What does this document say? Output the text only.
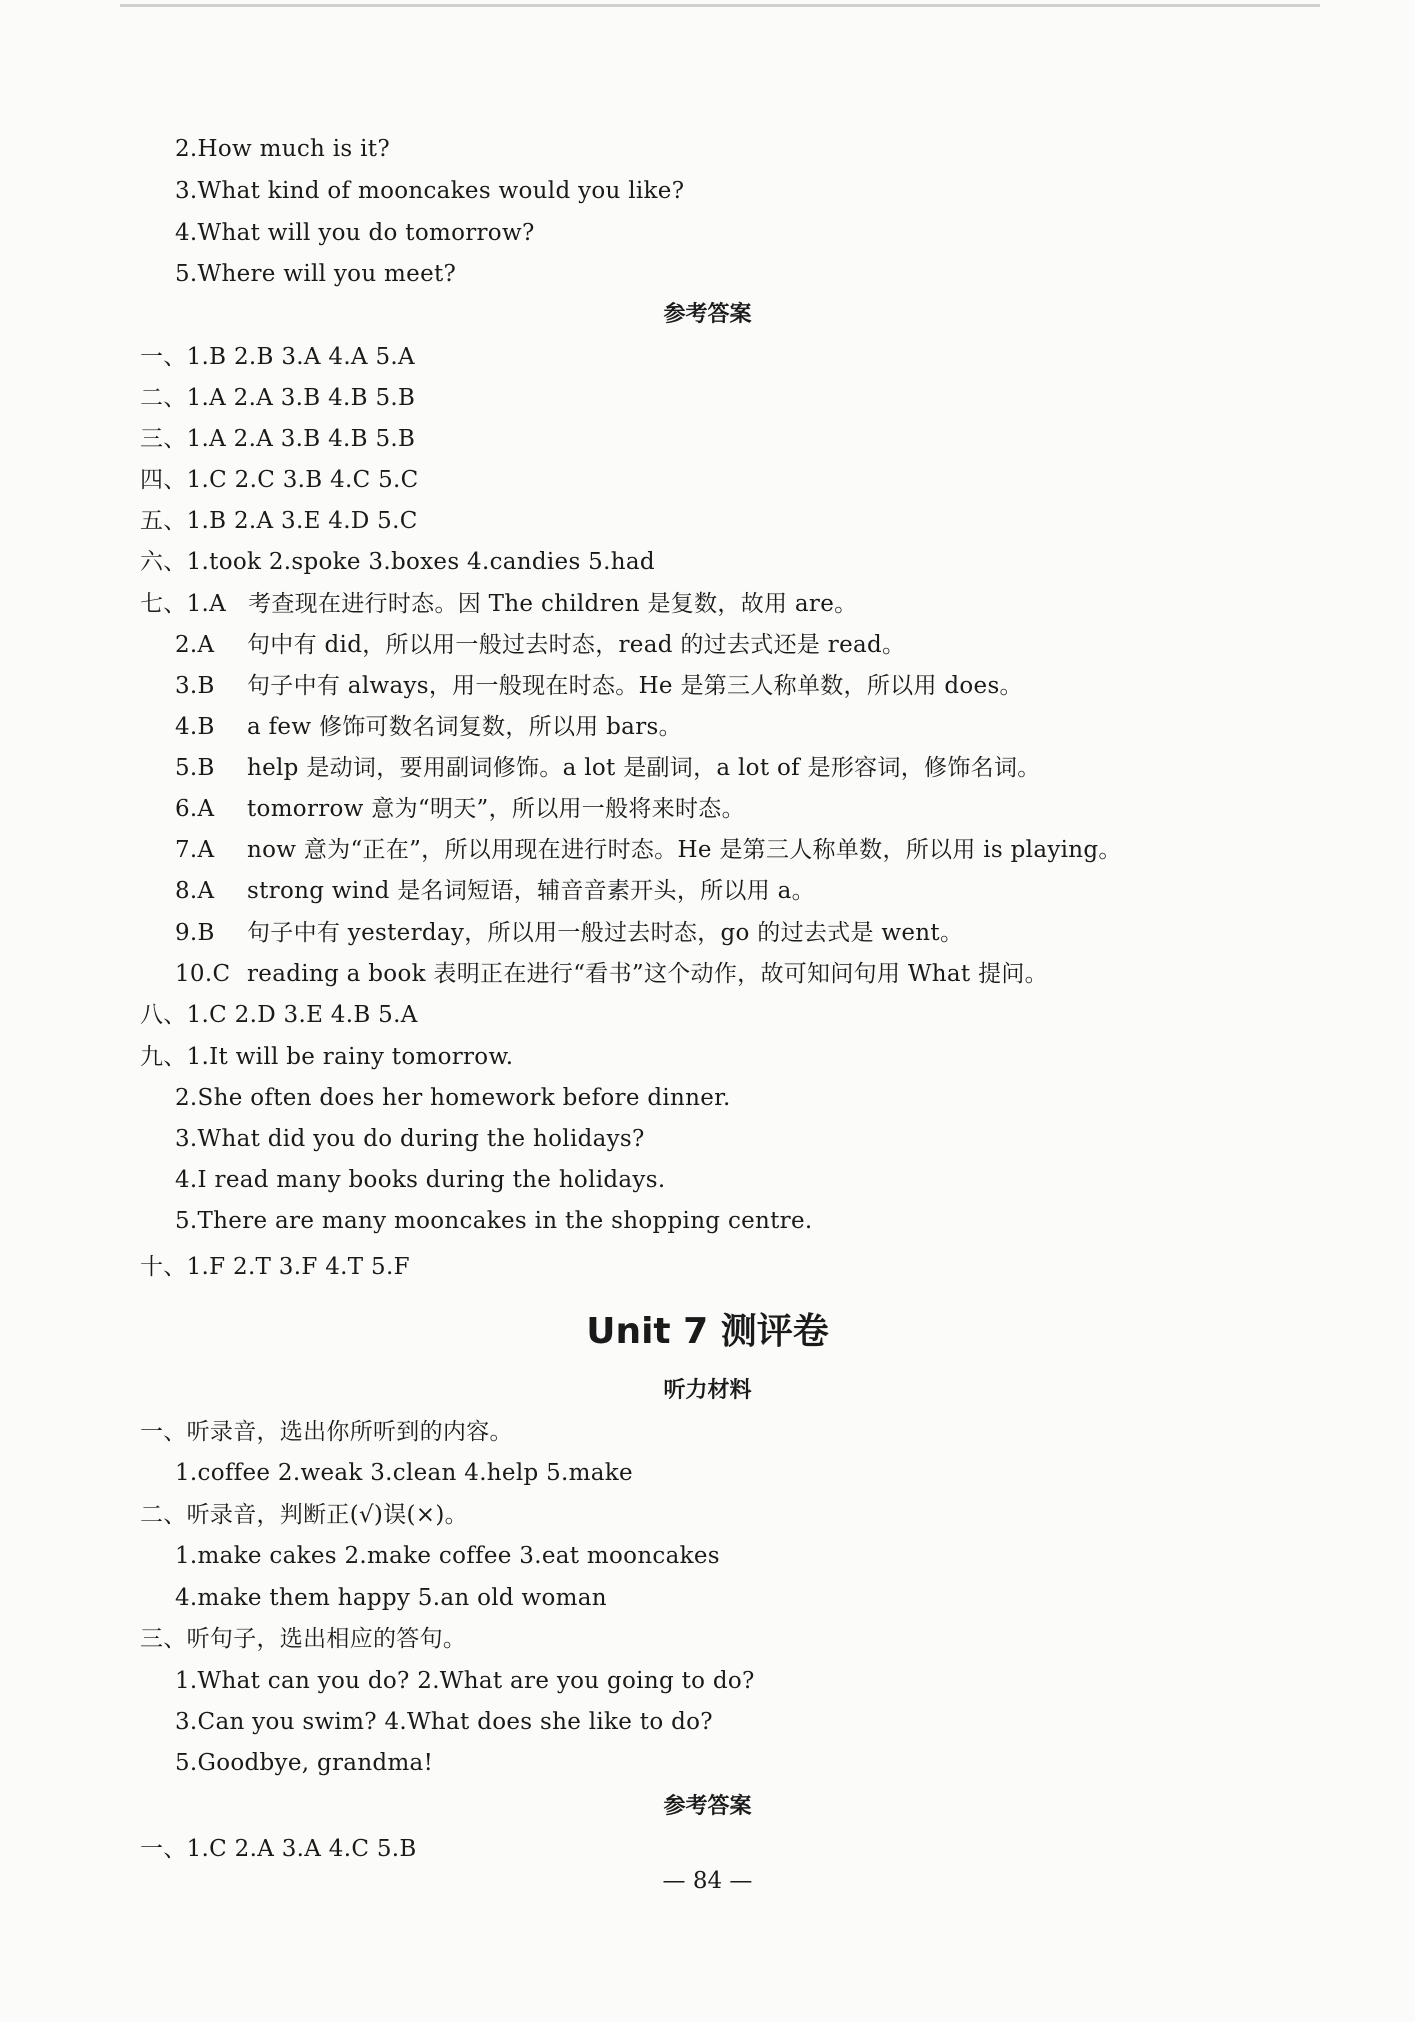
2.How much is it?
3.What kind of mooncakes would you like?
4.What will you do tomorrow?
5.Where will you meet?
参考答案
一、1.B 2.B 3.A 4.A 5.A
二、1.A 2.A 3.B 4.B 5.B
三、1.A 2.A 3.B 4.B 5.B
四、1.C 2.C 3.B 4.C 5.C
五、1.B 2.A 3.E 4.D 5.C
六、1.took 2.spoke 3.boxes 4.candies 5.had
七、1.A 考查现在进行时态。因 The children 是复数，故用 are。
2.A 句中有 did，所以用一般过去时态，read 的过去式还是 read。
3.B 句子中有 always，用一般现在时态。He 是第三人称单数，所以用 does。
4.B a few 修饰可数名词复数，所以用 bars。
5.B help 是动词，要用副词修饰。a lot 是副词，a lot of 是形容词，修饰名词。
6.A tomorrow 意为“明天”，所以用一般将来时态。
7.A now 意为“正在”，所以用现在进行时态。He 是第三人称单数，所以用 is playing。
8.A strong wind 是名词短语，辅音音素开头，所以用 a。
9.B 句子中有 yesterday，所以用一般过去时态，go 的过去式是 went。
10.C reading a book 表明正在进行“看书”这个动作，故可知问句用 What 提问。
八、1.C 2.D 3.E 4.B 5.A
九、1.It will be rainy tomorrow.
2.She often does her homework before dinner.
3.What did you do during the holidays?
4.I read many books during the holidays.
5.There are many mooncakes in the shopping centre.
十、1.F 2.T 3.F 4.T 5.F
Unit 7 测评卷
听力材料
一、听录音，选出你所听到的内容。
1.coffee 2.weak 3.clean 4.help 5.make
二、听录音，判断正(√)误(×)。
1.make cakes 2.make coffee 3.eat mooncakes
4.make them happy 5.an old woman
三、听句子，选出相应的答句。
1.What can you do? 2.What are you going to do?
3.Can you swim? 4.What does she like to do?
5.Goodbye, grandma!
参考答案
一、1.C 2.A 3.A 4.C 5.B
— 84 —
